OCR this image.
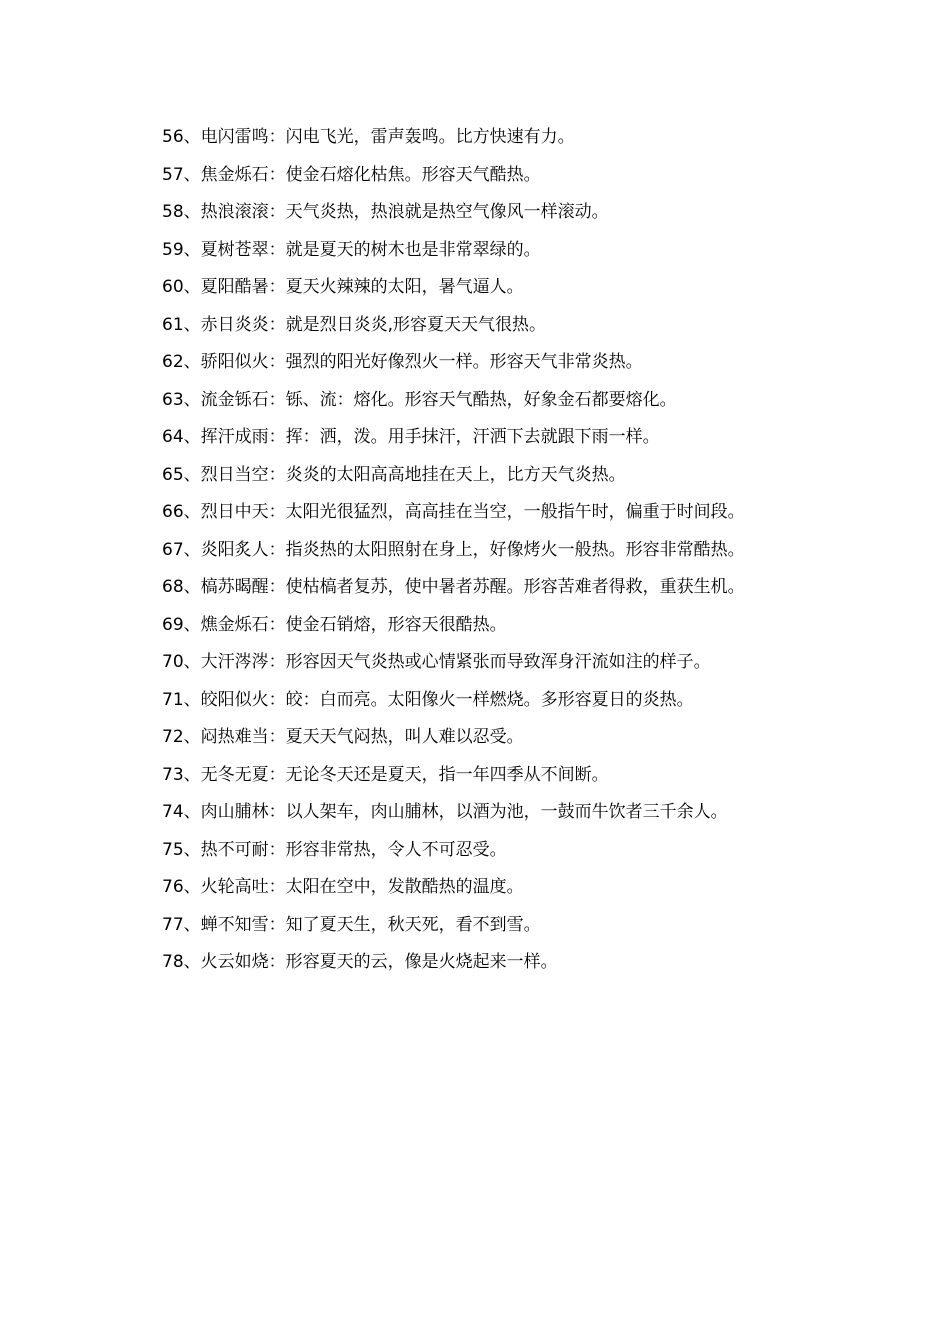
56、电闪雷鸣：闪电飞光，雷声轰鸣。比方快速有力。
57、焦金烁石：使金石熔化枯焦。形容天气酷热。
58、热浪滚滚：天气炎热，热浪就是热空气像风一样滚动。
59、夏树苍翠：就是夏天的树木也是非常翠绿的。
60、夏阳酷暑：夏天火辣辣的太阳，暑气逼人。
61、赤日炎炎：就是烈日炎炎,形容夏天天气很热。
62、骄阳似火：强烈的阳光好像烈火一样。形容天气非常炎热。
63、流金铄石：铄、流：熔化。形容天气酷热，好象金石都要熔化。
64、挥汗成雨：挥：洒，泼。用手抹汗，汗洒下去就跟下雨一样。
65、烈日当空：炎炎的太阳高高地挂在天上，比方天气炎热。
66、烈日中天：太阳光很猛烈，高高挂在当空，一般指午时，偏重于时间段。
67、炎阳炙人：指炎热的太阳照射在身上，好像烤火一般热。形容非常酷热。
68、槁苏暍醒：使枯槁者复苏，使中暑者苏醒。形容苦难者得救，重获生机。
69、燋金烁石：使金石销熔，形容天很酷热。
70、大汗涔涔：形容因天气炎热或心情紧张而导致浑身汗流如注的样子。
71、皎阳似火：皎：白而亮。太阳像火一样燃烧。多形容夏日的炎热。
72、闷热难当：夏天天气闷热，叫人难以忍受。
73、无冬无夏：无论冬天还是夏天，指一年四季从不间断。
74、肉山脯林：以人架车，肉山脯林，以酒为池，一鼓而牛饮者三千余人。
75、热不可耐：形容非常热，令人不可忍受。
76、火轮高吐：太阳在空中，发散酷热的温度。
77、蝉不知雪：知了夏天生，秋天死，看不到雪。
78、火云如烧：形容夏天的云，像是火烧起来一样。
